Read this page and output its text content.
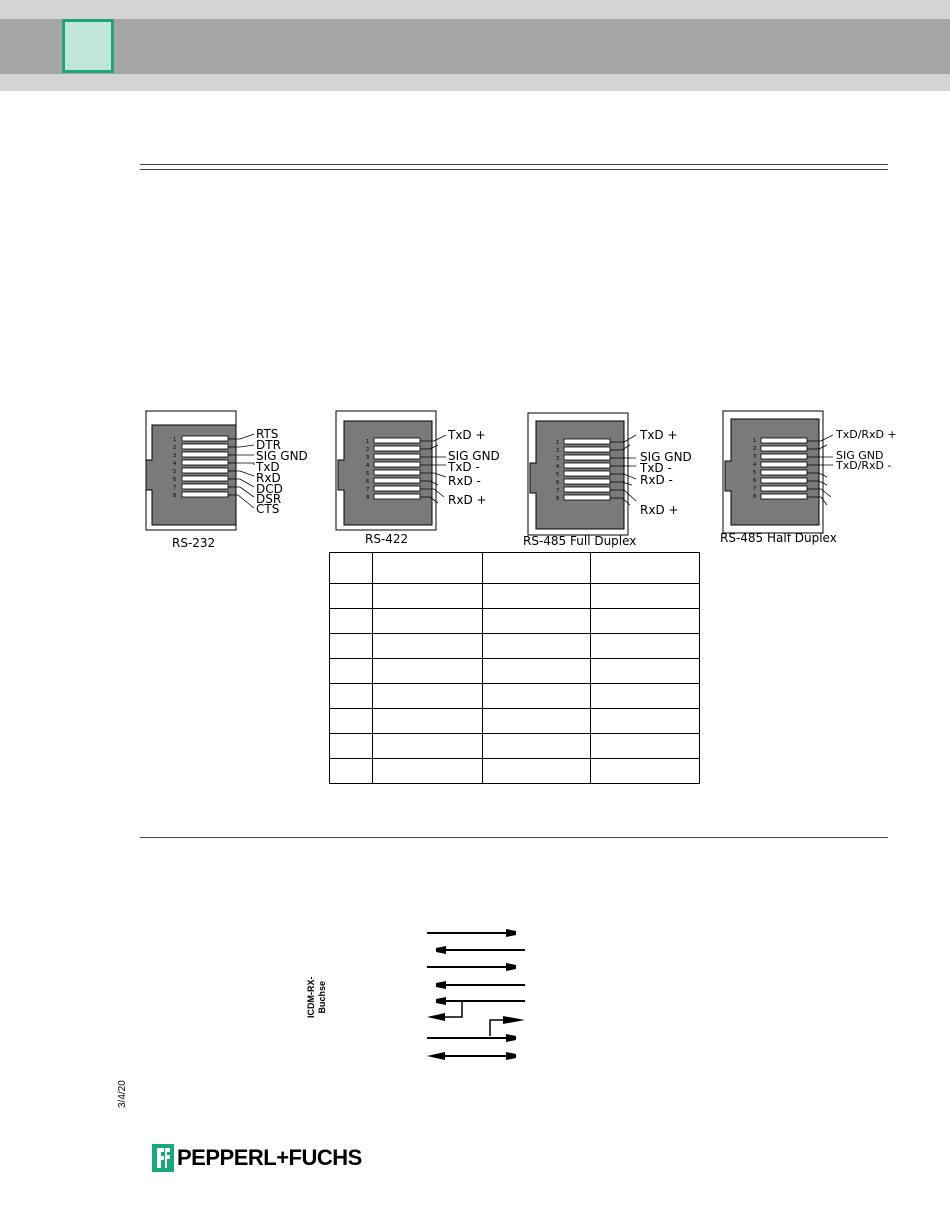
1
2
3
4
5
6
7
8
RTS
DTR
SIG GND
TxD
RxD
DCD
DSR
CTS
RS-232
1
2
3
4
5
6
7
8
TxD +
SIG GND
TxD -
RxD -
RxD +
RS-422
1
2
3
4
5
6
7
8
TxD +
SIG GND
TxD -
RxD -
RxD +
RS-485 Full Duplex
1
2
3
4
5
6
7
8
TxD/RxD +
SIG GND
TxD/RxD -
RS-485 Half Duplex

ICDM-RX- Buchse
3/4/20
PEPPERL+FUCHS
